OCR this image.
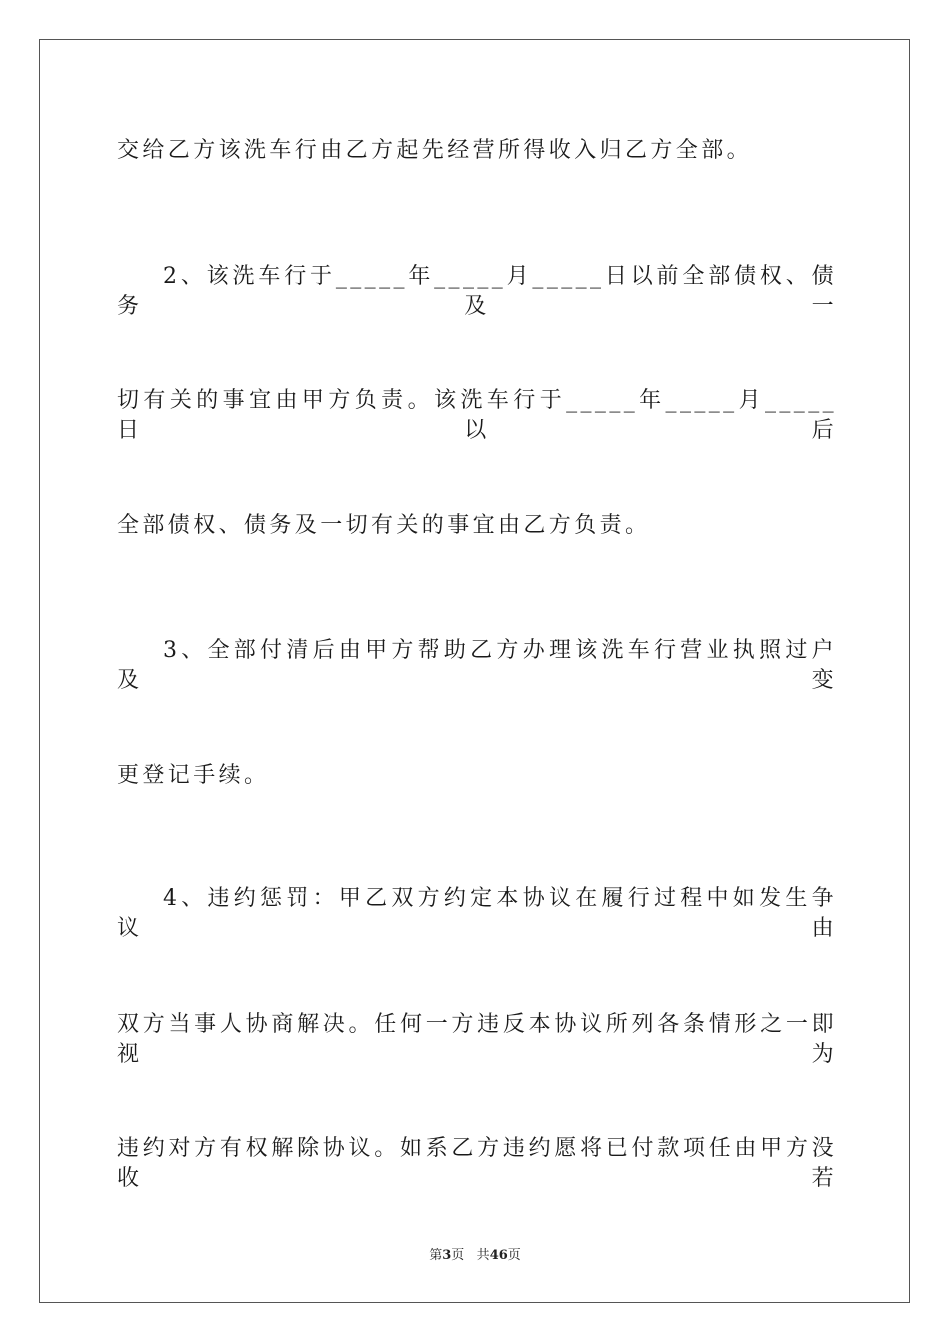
交给乙方该洗车行由乙方起先经营所得收入归乙方全部。
2、该洗车行于_____年_____月_____日以前全部债权、债务及一
切有关的事宜由甲方负责。该洗车行于_____年_____月_____日以后
全部债权、债务及一切有关的事宜由乙方负责。
3、全部付清后由甲方帮助乙方办理该洗车行营业执照过户及变
更登记手续。
4、违约惩罚：甲乙双方约定本协议在履行过程中如发生争议由
双方当事人协商解决。任何一方违反本协议所列各条情形之一即视为
违约对方有权解除协议。如系乙方违约愿将已付款项任由甲方没收若
第3页 共46页
